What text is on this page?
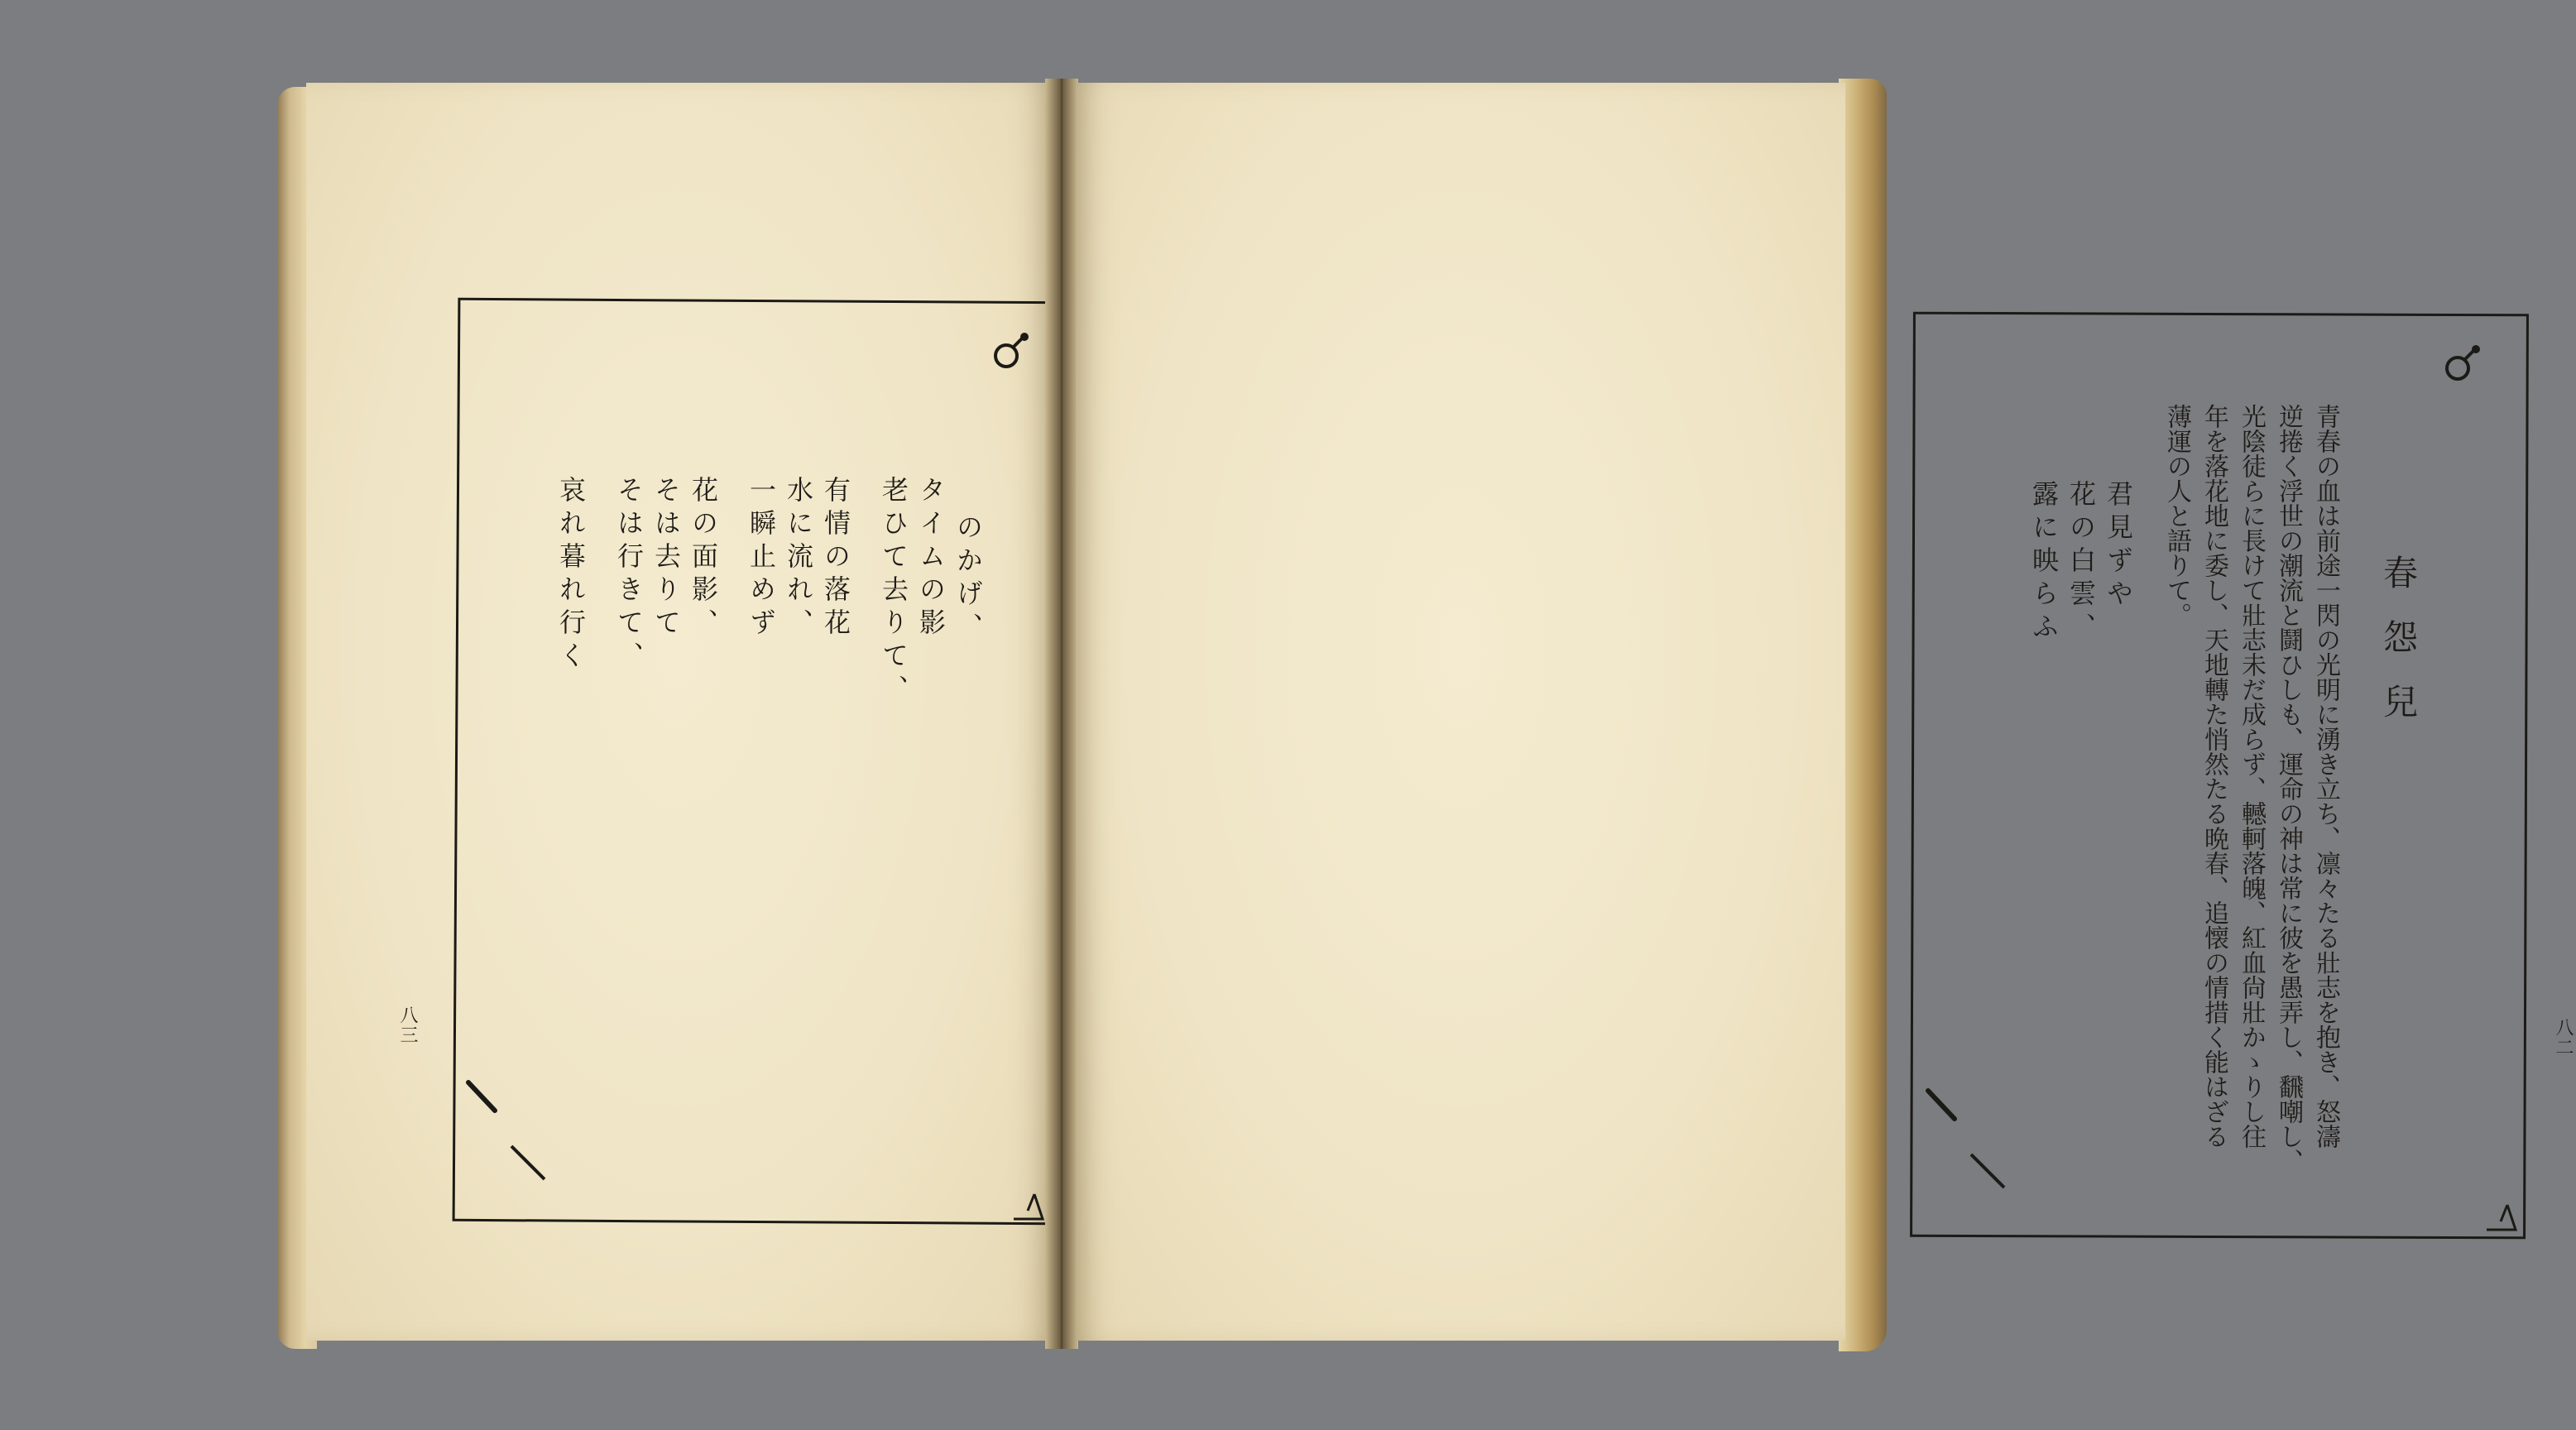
のかげ、
タイムの影
老ひて去りて、
有情の落花
水に流れ、
一瞬止めず
花の面影、
そは去りて
そは行きて、
哀れ暮れ行く
八三
春怨兒
青春の血は前途一閃の光明に湧き立ち、凛々たる壯志を抱き、怒濤
逆捲く浮世の潮流と鬪ひしも、運命の神は常に彼を愚弄し、飜嘲し、
光陰徒らに長けて壯志未だ成らず、轗軻落魄、紅血尙壯かゝりし往
年を落花地に委し、天地轉た悄然たる晩春、追懐の情措く能はざる
薄運の人と語りて。
君見ずや
花の白雲、
露に映らふ
八二
